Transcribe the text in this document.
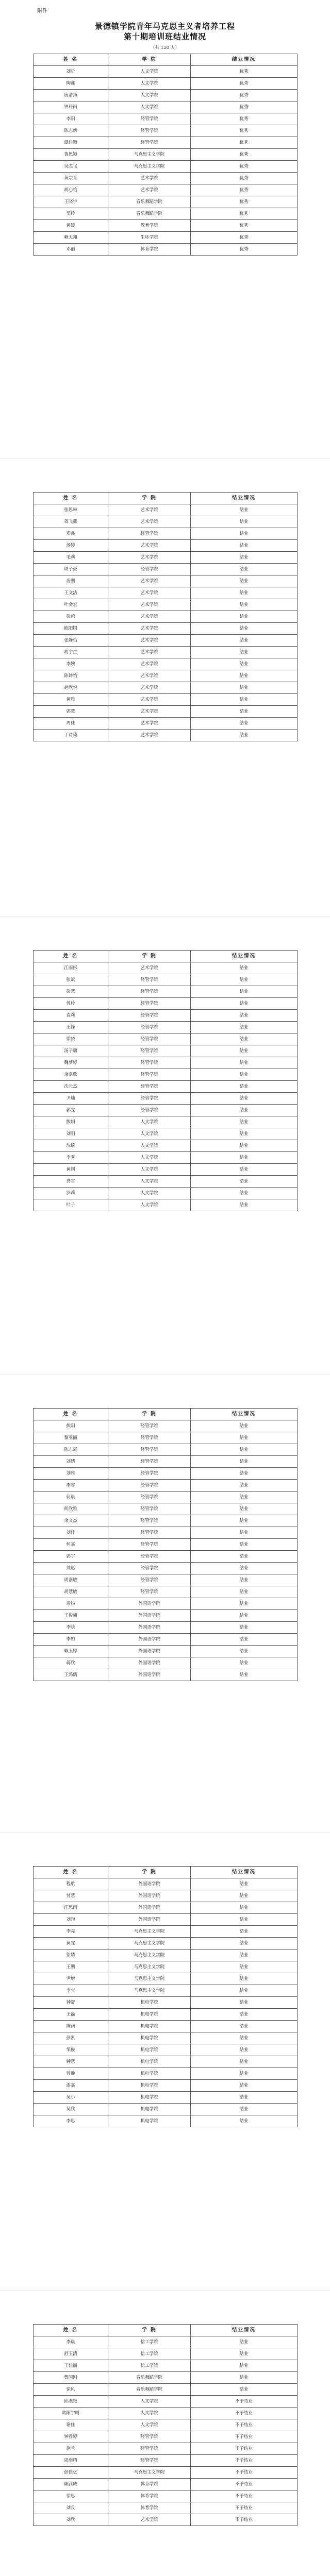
附件
景德镇学院青年马克思主义者培养工程
第十期培训班结业情况
（共 120 人）
姓 名	学 院	结业情况
刘昕	人文学院	优秀
陶鑫	人文学院	优秀
唐清扬	人文学院	优秀
钟玲雨	人文学院	优秀
李阳	经管学院	优秀
陈志新	经管学院	优秀
谭佳颖	经管学院	优秀
鲁思颖	马克思主义学院	优秀
吴龙飞	马克思主义学院	优秀
黄宗育	艺术学院	优秀
胡心怡	艺术学院	优秀
王晓宇	音乐舞蹈学院	优秀
吴玲	音乐舞蹈学院	优秀
黄媛	教育学院	优秀
赖天翔	生环学院	优秀
邓丽	体育学院	优秀
姓 名	学 院	结业情况
张思琳	艺术学院	结业
蒋飞燕	艺术学院	结业
邓鑫	经管学院	结业
汤婷	艺术学院	结业
毛莉	艺术学院	结业
周子豪	经管学院	结业
唐鹏	艺术学院	结业
王文洁	艺术学院	结业
叶金宏	艺术学院	结业
彭越	艺术学院	结业
欧阳国	艺术学院	结业
张静怡	艺术学院	结业
胡宇杰	艺术学院	结业
李婉	艺术学院	结业
陈诗怡	艺术学院	结业
赵欣悦	艺术学院	结业
黄雅	艺术学院	结业
郭慧	艺术学院	结业
周佳	艺术学院	结业
丁诗琦	艺术学院	结业
姓 名	学 院	结业情况
江雨彤	艺术学院	结业
张斌	经管学院	结业
彭慧	经管学院	结业
曾玲	经管学院	结业
袁莉	经管学院	结业
王锋	经管学院	结业
徐骁	经管学院	结业
汤子瑞	经管学院	结业
魏梦婷	经管学院	结业
余嘉欣	经管学院	结业
沈元杰	经管学院	结业
尹灿	经管学院	结业
郭雯	经管学院	结业
熊娟	人文学院	结业
刘明	人文学院	结业
沈绮	人文学院	结业
李秀	人文学院	结业
黄国	人文学院	结业
龚雪	人文学院	结业
罗莉	人文学院	结业
叶子	人文学院	结业
姓 名	学 院	结业情况
熊阳	经管学院	结业
黎亚丽	经管学院	结业
陈志豪	经管学院	结业
刘婧	经管学院	结业
刘雅	经管学院	结业
李睿	经管学院	结业
何晨	经管学院	结业
何欣雅	经管学院	结业
余文杰	经管学院	结业
刘仟	经管学院	结业
何嘉	经管学院	结业
郭宇	经管学院	结业
刘惠	经管学院	结业
周嘉敏	经管学院	结业
胡慧敏	经管学院	结业
周扬	外国语学院	结业
王俊楠	外国语学院	结业
李晗	外国语学院	结业
李如	外国语学院	结业
赖玉婷	外国语学院	结业
蒋欣	外国语学院	结业
王鸿儒	外国语学院	结业
姓 名	学 院	结业情况
程航	外国语学院	结业
付慧	外国语学院	结业
江思雨	外国语学院	结业
刘昀	外国语学院	结业
李亮	马克思主义学院	结业
黄雯	马克思主义学院	结业
徐婧	马克思主义学院	结业
王鹏	马克思主义学院	结业
尹增	马克思主义学院	结业
李宝	马克思主义学院	结业
钟舒	机电学院	结业
王磊	机电学院	结业
陈雨	机电学院	结业
彭凯	机电学院	结业
邹俊	机电学院	结业
钟慧	机电学院	结业
曾静	机电学院	结业
漆嘉	机电学院	结业
吴小	机电学院	结业
吴欣	机电学院	结业
李思	机电学院	结业
姓 名	学 院	结业情况
李晨	信工学院	结业
舒玉清	信工学院	结业
王佳丽	信工学院	结业
曹国刚	音乐舞蹈学院	结业
徐风	音乐舞蹈学院	结业
邱燕艳	人文学院	不予结业
欧阳宇晴	人文学院	不予结业
谢佳	人文学院	不予结业
钟雅婷	经管学院	不予结业
施兰	经管学院	不予结业
周雨晴	经管学院	不予结业
彭佳亿	马克思主义学院	不予结业
陈武威	体育学院	不予结业
徐思	体育学院	不予结业
刘良	体育学院	不予结业
刘欣	艺术学院	不予结业
